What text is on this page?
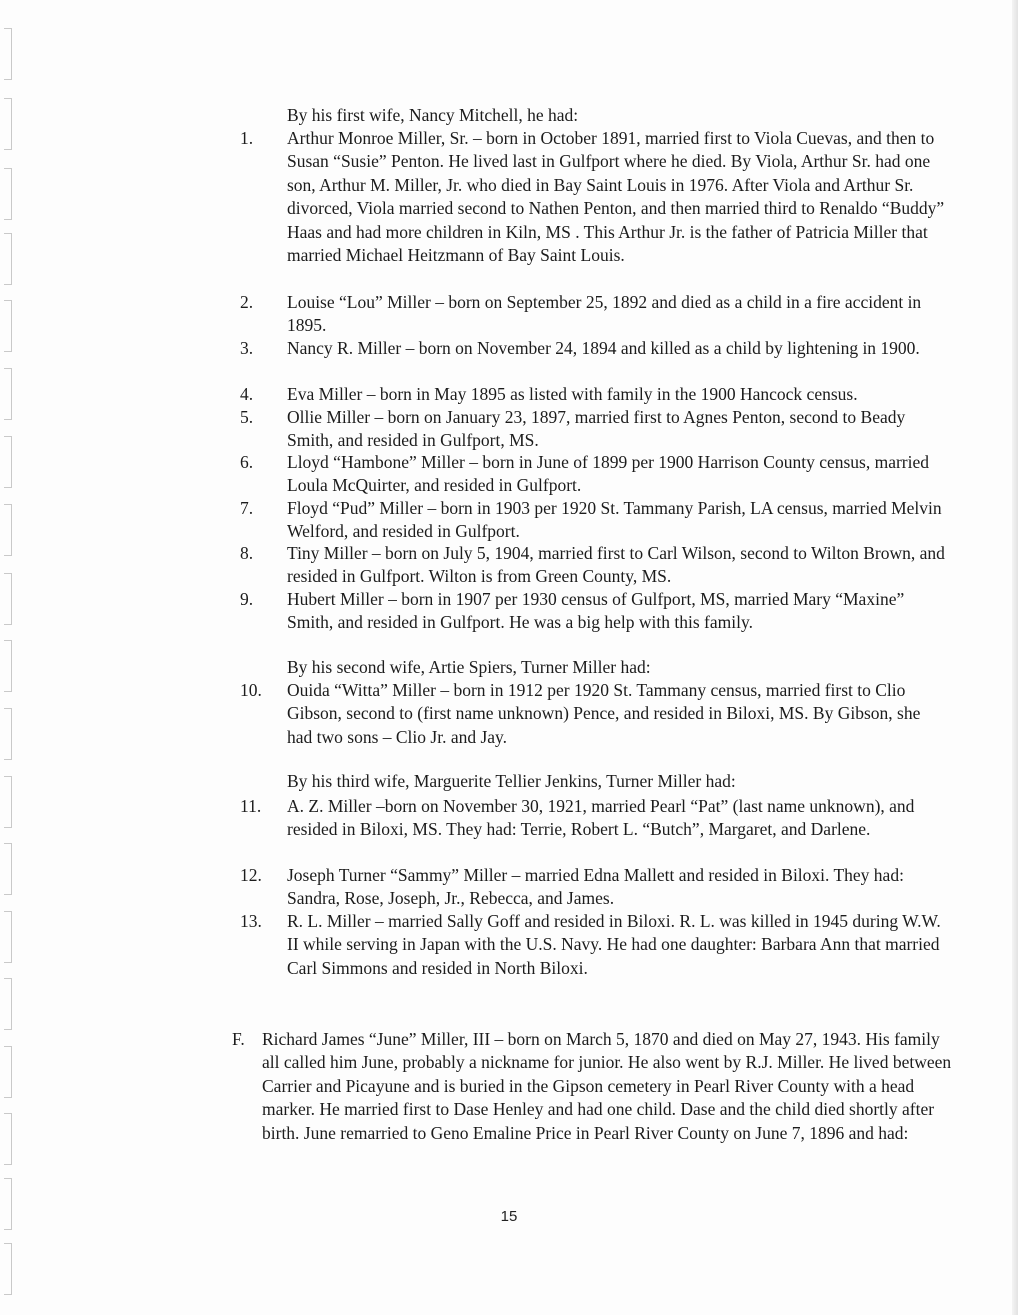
By his first wife, Nancy Mitchell, he had:

1.	Arthur Monroe Miller, Sr. – born in October 1891, married first to Viola Cuevas, and then to Susan “Susie” Penton. He lived last in Gulfport where he died. By Viola, Arthur Sr. had one son, Arthur M. Miller, Jr. who died in Bay Saint Louis in 1976. After Viola and Arthur Sr. divorced, Viola married second to Nathen Penton, and then married third to Renaldo “Buddy” Haas and had more children in Kiln, MS . This Arthur Jr. is the father of Patricia Miller that married Michael Heitzmann of Bay Saint Louis.
2.	Louise “Lou” Miller – born on September 25, 1892 and died as a child in a fire accident in 1895.
3.	Nancy R. Miller – born on November 24, 1894 and killed as a child by lightening in 1900.
4.	Eva Miller – born in May 1895 as listed with family in the 1900 Hancock census.
5.	Ollie Miller – born on January 23, 1897, married first to Agnes Penton, second to Beady Smith, and resided in Gulfport, MS.
6.	Lloyd “Hambone” Miller – born in June of 1899 per 1900 Harrison County census, married Loula McQuirter, and resided in Gulfport.
7.	Floyd “Pud” Miller – born in 1903 per 1920 St. Tammany Parish, LA census, married Melvin Welford, and resided in Gulfport.
8.	Tiny Miller – born on July 5, 1904, married first to Carl Wilson, second to Wilton Brown, and resided in Gulfport. Wilton is from Green County, MS.
9.	Hubert Miller – born in 1907 per 1930 census of Gulfport, MS, married Mary “Maxine” Smith, and resided in Gulfport. He was a big help with this family.

By his second wife, Artie Spiers, Turner Miller had:

10.	Ouida “Witta” Miller – born in 1912 per 1920 St. Tammany census, married first to Clio Gibson, second to (first name unknown) Pence, and resided in Biloxi, MS. By Gibson, she had two sons – Clio Jr. and Jay.

By his third wife, Marguerite Tellier Jenkins, Turner Miller had:

11.	A. Z. Miller –born on November 30, 1921, married Pearl “Pat” (last name unknown), and resided in Biloxi, MS. They had: Terrie, Robert L. “Butch”, Margaret, and Darlene.
12.	Joseph Turner “Sammy” Miller – married Edna Mallett and resided in Biloxi. They had: Sandra, Rose, Joseph, Jr., Rebecca, and James.
13.	R. L. Miller – married Sally Goff and resided in Biloxi. R. L. was killed in 1945 during W.W. II while serving in Japan with the U.S. Navy. He had one daughter: Barbara Ann that married Carl Simmons and resided in North Biloxi.
F. Richard James “June” Miller, III – born on March 5, 1870 and died on May 27, 1943. His family all called him June, probably a nickname for junior. He also went by R.J. Miller. He lived between Carrier and Picayune and is buried in the Gipson cemetery in Pearl River County with a head marker. He married first to Dase Henley and had one child. Dase and the child died shortly after birth. June remarried to Geno Emaline Price in Pearl River County on June 7, 1896 and had:
15
